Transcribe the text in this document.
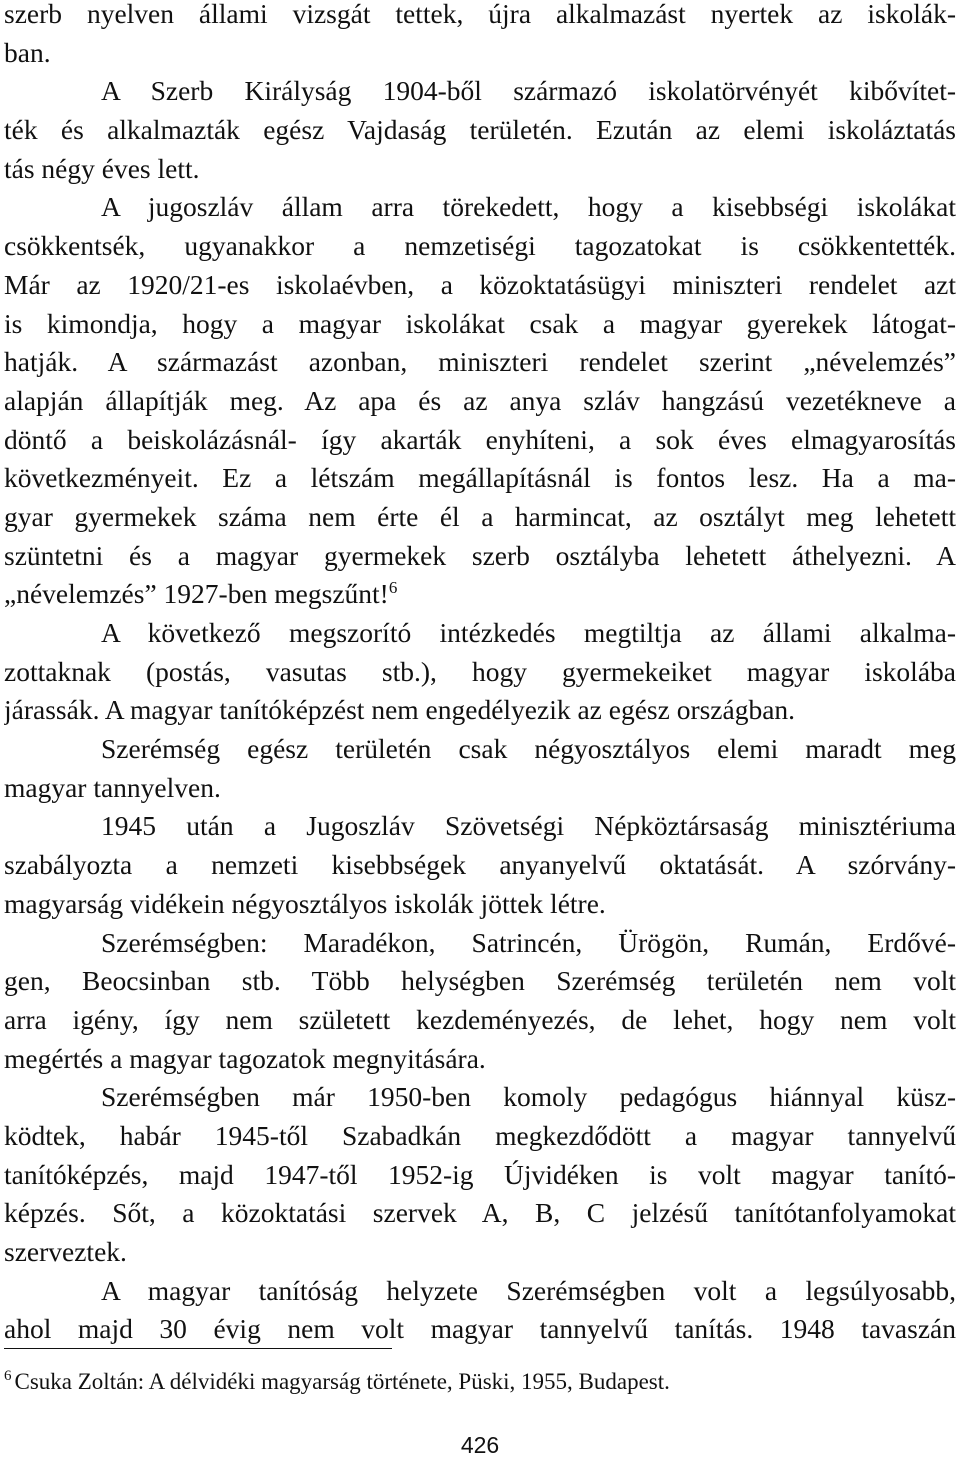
szerb nyelven állami vizsgát tettek, újra alkalmazást nyertek az iskolák-
ban.
A Szerb Királyság 1904-ből származó iskolatörvényét kibővítet-
ték és alkalmazták egész Vajdaság területén. Ezután az elemi iskoláztatás
tás négy éves lett.
A jugoszláv állam arra törekedett, hogy a kisebbségi iskolákat
csökkentsék, ugyanakkor a nemzetiségi tagozatokat is csökkentették.
Már az 1920/21-es iskolaévben, a közoktatásügyi miniszteri rendelet azt
is kimondja, hogy a magyar iskolákat csak a magyar gyerekek látogat-
hatják. A származást azonban, miniszteri rendelet szerint „névelemzés”
alapján állapítják meg. Az apa és az anya szláv hangzású vezetékneve a
döntő a beiskolázásnál- így akarták enyhíteni, a sok éves elmagyarosítás
következményeit. Ez a létszám megállapításnál is fontos lesz. Ha a ma-
gyar gyermekek száma nem érte él a harmincat, az osztályt meg lehetett
szüntetni és a magyar gyermekek szerb osztályba lehetett áthelyezni. A
„névelemzés” 1927-ben megszűnt!$^6$
A következő megszorító intézkedés megtiltja az állami alkalma-
zottaknak (postás, vasutas stb.), hogy gyermekeiket magyar iskolába
járassák. A magyar tanítóképzést nem engedélyezik az egész országban.
Szerémség egész területén csak négyosztályos elemi maradt meg
magyar tannyelven.
1945 után a Jugoszláv Szövetségi Népköztársaság minisztériuma
szabályozta a nemzeti kisebbségek anyanyelvű oktatását. A szórvány-
magyarság vidékein négyosztályos iskolák jöttek létre.
Szerémségben: Maradékon, Satrincén, Ürögön, Rumán, Erdővé-
gen, Beocsinban stb. Több helységben Szerémség területén nem volt
arra igény, így nem született kezdeményezés, de lehet, hogy nem volt
megértés a magyar tagozatok megnyitására.
Szerémségben már 1950-ben komoly pedagógus hiánnyal küsz-
ködtek, habár 1945-től Szabadkán megkezdődött a magyar tannyelvű
tanítóképzés, majd 1947-től 1952-ig Újvidéken is volt magyar tanító-
képzés. Sőt, a közoktatási szervek A, B, C jelzésű tanítótanfolyamokat
szerveztek.
A magyar tanítóság helyzete Szerémségben volt a legsúlyosabb,
ahol majd 30 évig nem volt magyar tannyelvű tanítás. 1948 tavaszán
$^6$ Csuka Zoltán: A délvidéki magyarság története, Püski, 1955, Budapest.
426
